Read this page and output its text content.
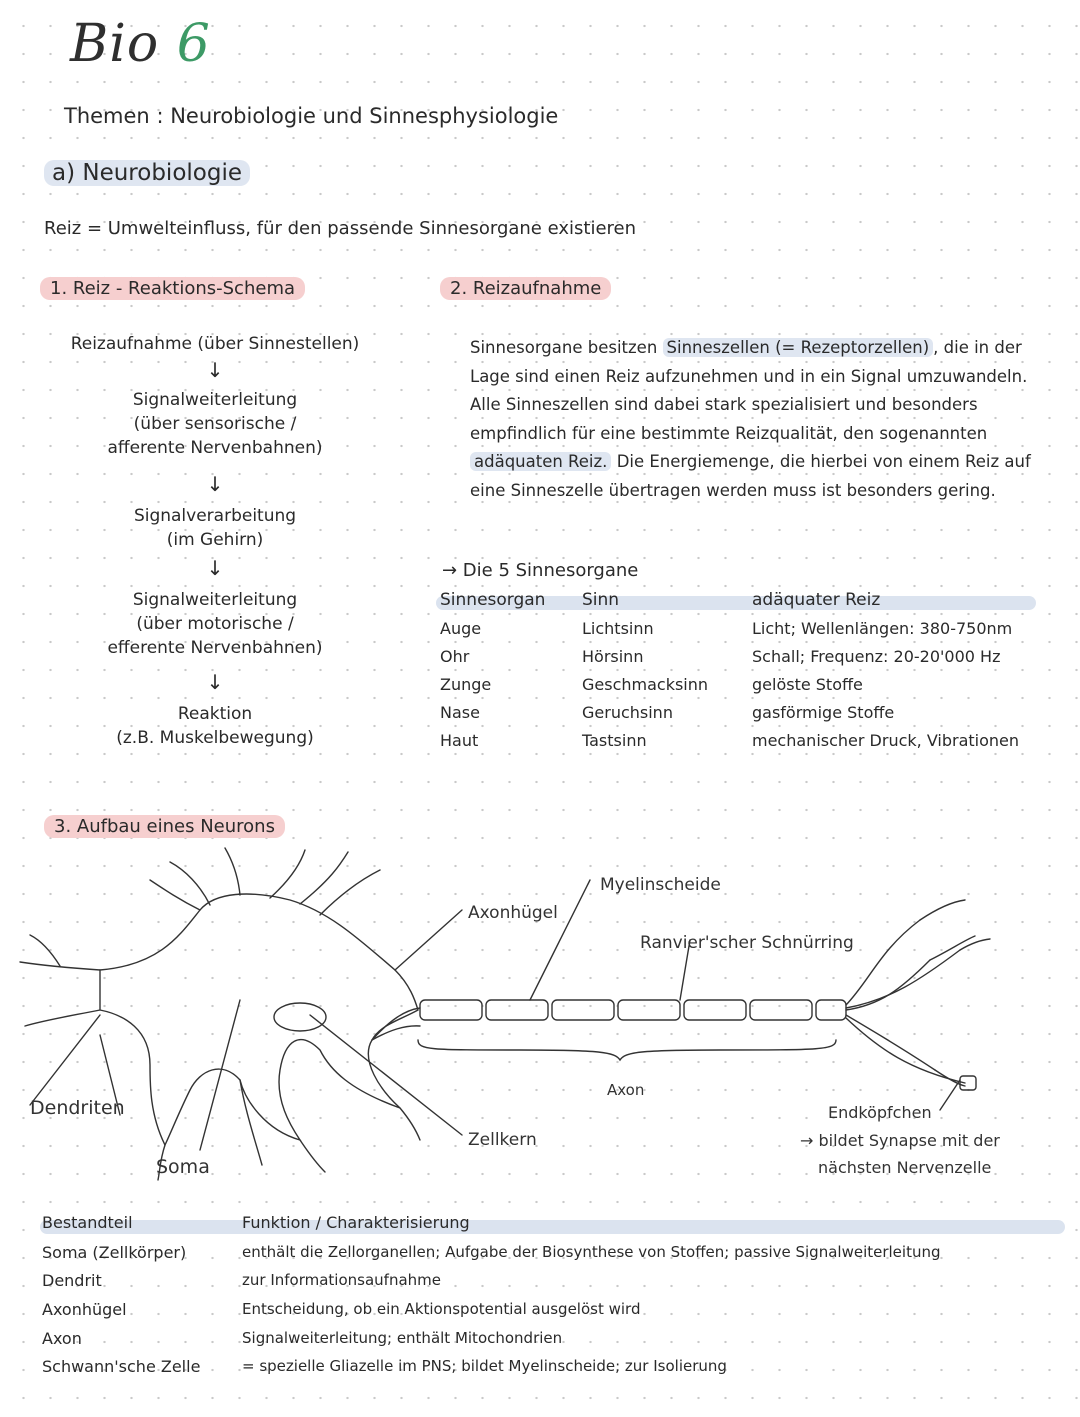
Bio 6
Themen : Neurobiologie und Sinnesphysiologie
a) Neurobiologie
Reiz = Umwelteinfluss, für den passende Sinnesorgane existieren
1. Reiz - Reaktions-Schema	2. Reizaufnahme
Reizaufnahme (über Sinnestellen)
↓
Signalweiterleitung
(über sensorische / afferente Nervenbahnen)
↓
Signalverarbeitung
(im Gehirn)
↓
Signalweiterleitung
(über motorische / efferente Nervenbahnen)
↓
Reaktion
(z.B. Muskelbewegung)
Sinnesorgane besitzen Sinneszellen (= Rezeptorzellen) , die in der Lage sind einen Reiz aufzunehmen und in ein Signal umzuwandeln. Alle Sinneszellen sind dabei stark spezialisiert und besonders empfindlich für eine bestimmte Reizqualität, den sogenannten adäquaten Reiz. Die Energiemenge, die hierbei von einem Reiz auf eine Sinneszelle übertragen werden muss ist besonders gering.
→ Die 5 Sinnesorgane
Sinnesorgan Sinn	adäquater Reiz
Auge	Lichtsinn	Licht; Wellenlängen: 380-750nm
Ohr	Hörsinn	Schall; Frequenz: 20-20'000 Hz
Zunge	Geschmacksinn	gelöste Stoffe
Nase	Geruchsinn	gasförmige Stoffe
Haut	Tastsinn	mechanischer Druck, Vibrationen
3. Aufbau eines Neurons
Dendriten
Soma
Axonhügel
Myelinscheide
Ranvier'scher Schnürring
Axon
Zellkern
Endköpfchen
→ bildet Synapse mit der
nächsten Nervenzelle
Bestandteil	Funktion / Charakterisierung
Soma (Zellkörper)	enthält die Zellorganellen; Aufgabe der Biosynthese von Stoffen; passive Signalweiterleitung
Dendrit	zur Informationsaufnahme
Axonhügel	Entscheidung, ob ein Aktionspotential ausgelöst wird
Axon	Signalweiterleitung; enthält Mitochondrien
Schwann'sche Zelle	= spezielle Gliazelle im PNS; bildet Myelinscheide; zur Isolierung
